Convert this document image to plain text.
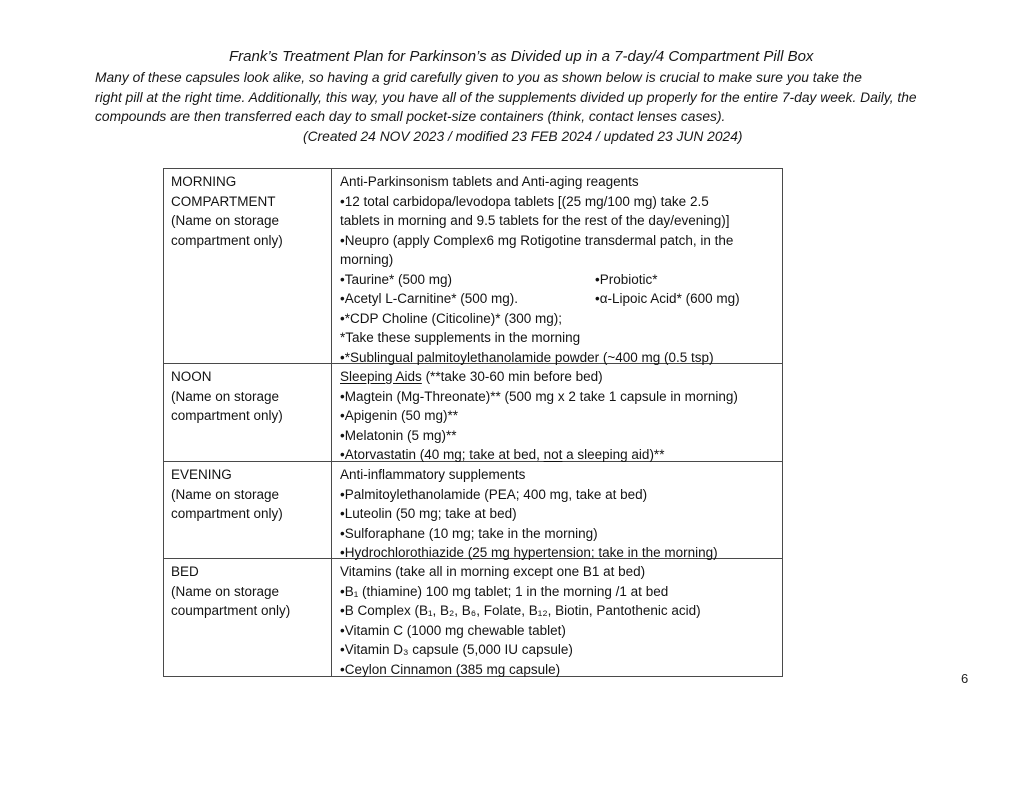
Frank’s Treatment Plan for Parkinson’s as Divided up in a 7-day/4 Compartment Pill Box
Many of these capsules look alike, so having a grid carefully given to you as shown below is crucial to make sure you take the
right pill at the right time. Additionally, this way, you have all of the supplements divided up properly for the entire 7-day week. Daily, the
compounds are then transferred each day to small pocket-size containers (think, contact lenses cases).
(Created 24 NOV 2023 / modified 23 FEB 2024 / updated 23 JUN 2024)
MORNING
COMPARTMENT
(Name on storage
compartment only)
Anti-Parkinsonism tablets and Anti-aging reagents
•12 total carbidopa/levodopa tablets [(25 mg/100 mg) take 2.5
tablets in morning and 9.5 tablets for the rest of the day/evening)]
•Neupro (apply Complex6 mg Rotigotine transdermal patch, in the
morning)
•Taurine* (500 mg)	•Probiotic*
•Acetyl L-Carnitine* (500 mg).	•α-Lipoic Acid* (600 mg)
•*CDP Choline (Citicoline)* (300 mg);
*Take these supplements in the morning
•*Sublingual palmitoylethanolamide powder (~400 mg (0.5 tsp)
NOON
(Name on storage
compartment only)
Sleeping Aids (**take 30-60 min before bed)
•Magtein (Mg-Threonate)** (500 mg x 2 take 1 capsule in morning)
•Apigenin (50 mg)**
•Melatonin (5 mg)**
•Atorvastatin (40 mg; take at bed, not a sleeping aid)**
EVENING
(Name on storage
compartment only)
Anti-inflammatory supplements
•Palmitoylethanolamide (PEA; 400 mg, take at bed)
•Luteolin (50 mg; take at bed)
•Sulforaphane (10 mg; take in the morning)
•Hydrochlorothiazide (25 mg hypertension; take in the morning)
BED
(Name on storage
coumpartment only)
Vitamins (take all in morning except one B1 at bed)
•B₁ (thiamine) 100 mg tablet; 1 in the morning /1 at bed
•B Complex (B₁, B₂, B₆, Folate, B₁₂, Biotin, Pantothenic acid)
•Vitamin C (1000 mg chewable tablet)
•Vitamin D₃ capsule (5,000 IU capsule)
•Ceylon Cinnamon (385 mg capsule)
6
